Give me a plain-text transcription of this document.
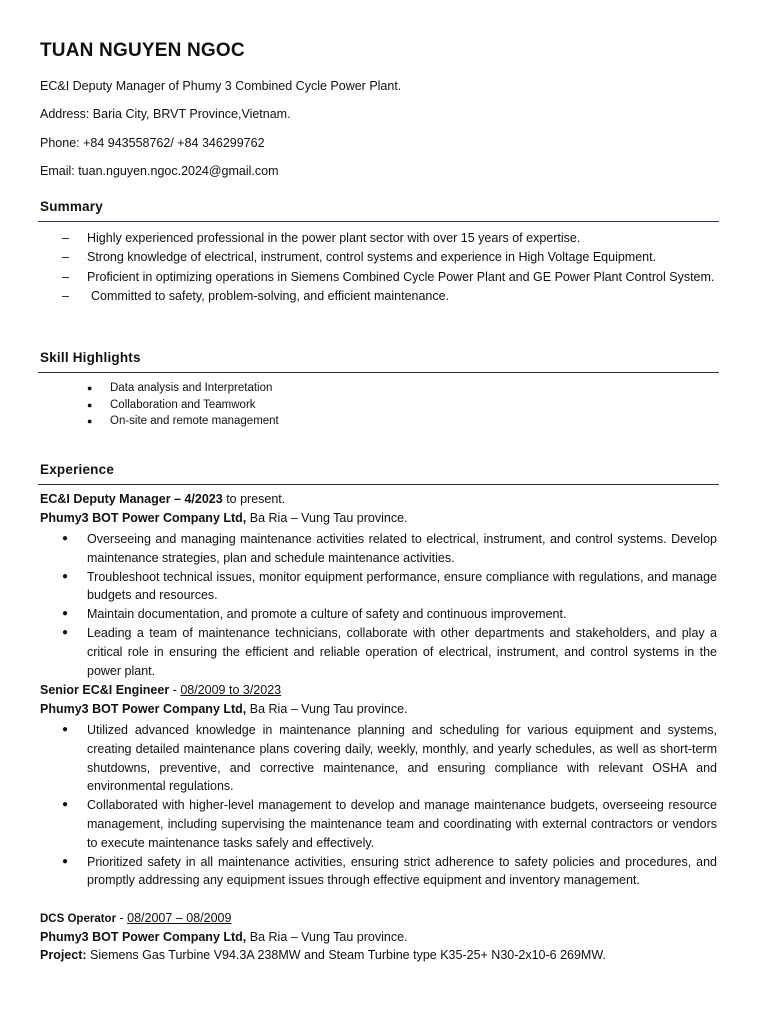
TUAN NGUYEN NGOC
EC&I Deputy Manager of Phumy 3 Combined Cycle Power Plant.
Address: Baria City, BRVT Province,Vietnam.
Phone: +84 943558762/ +84 346299762
Email: tuan.nguyen.ngoc.2024@gmail.com
Summary
– Highly experienced professional in the power plant sector with over 15 years of expertise.
– Strong knowledge of electrical, instrument, control systems and experience in High Voltage Equipment.
– Proficient in optimizing operations in Siemens Combined Cycle Power Plant and GE Power Plant Control System.
– Committed to safety, problem-solving, and efficient maintenance.
Skill Highlights
● Data analysis and Interpretation
● Collaboration and Teamwork
● On-site and remote management
Experience
EC&I Deputy Manager – 4/2023 to present.
Phumy3 BOT Power Company Ltd, Ba Ria – Vung Tau province.
● Overseeing and managing maintenance activities related to electrical, instrument, and control systems. Develop maintenance strategies, plan and schedule maintenance activities.
● Troubleshoot technical issues, monitor equipment performance, ensure compliance with regulations, and manage budgets and resources.
● Maintain documentation, and promote a culture of safety and continuous improvement.
● Leading a team of maintenance technicians, collaborate with other departments and stakeholders, and play a critical role in ensuring the efficient and reliable operation of electrical, instrument, and control systems in the power plant.
Senior EC&I Engineer - 08/2009 to 3/2023
Phumy3 BOT Power Company Ltd, Ba Ria – Vung Tau province.
● Utilized advanced knowledge in maintenance planning and scheduling for various equipment and systems, creating detailed maintenance plans covering daily, weekly, monthly, and yearly schedules, as well as short-term shutdowns, preventive, and corrective maintenance, and ensuring compliance with relevant OSHA and environmental regulations.
● Collaborated with higher-level management to develop and manage maintenance budgets, overseeing resource management, including supervising the maintenance team and coordinating with external contractors or vendors to execute maintenance tasks safely and effectively.
● Prioritized safety in all maintenance activities, ensuring strict adherence to safety policies and procedures, and promptly addressing any equipment issues through effective equipment and inventory management.
DCS Operator - 08/2007 – 08/2009
Phumy3 BOT Power Company Ltd, Ba Ria – Vung Tau province.
Project: Siemens Gas Turbine V94.3A 238MW and Steam Turbine type K35-25+ N30-2x10-6 269MW.
